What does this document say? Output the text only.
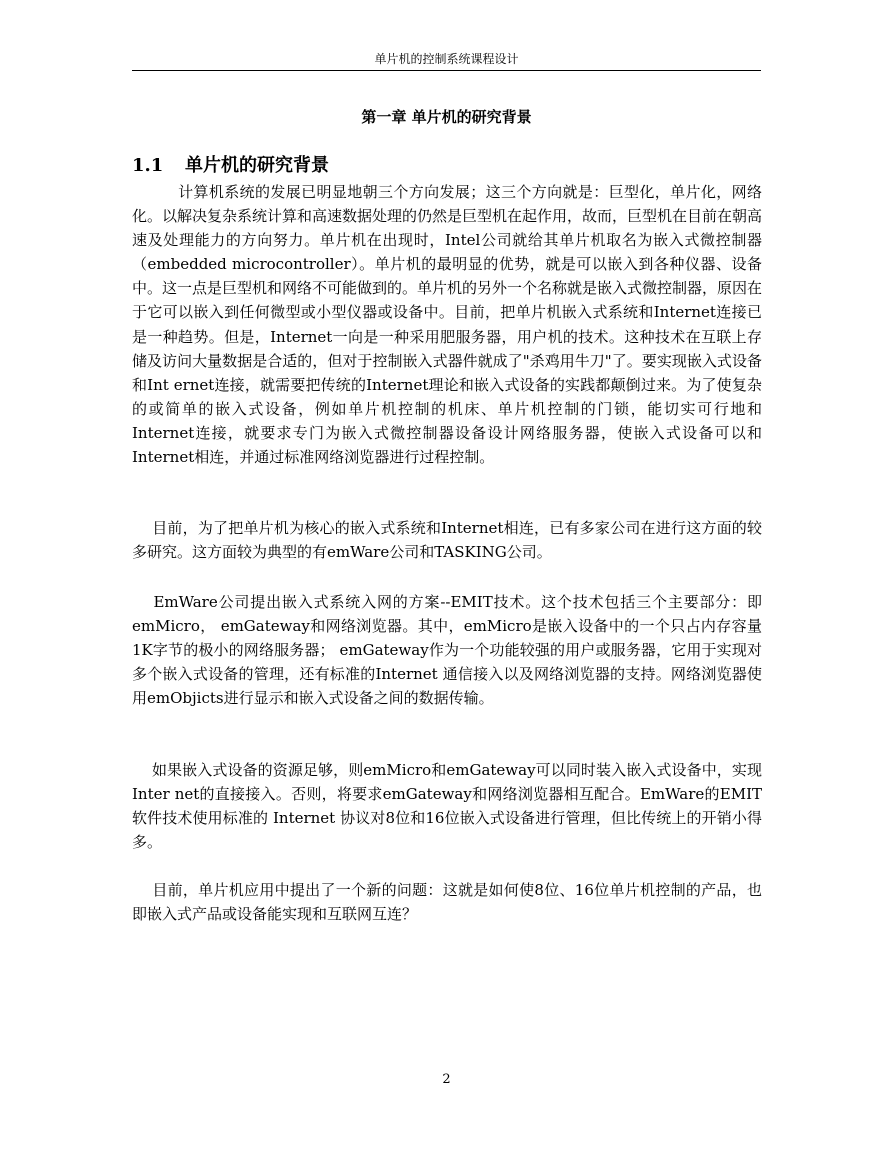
单片机的控制系统课程设计
第一章 单片机的研究背景
1.1 单片机的研究背景

　　　计算机系统的发展已明显地朝三个方向发展；这三个方向就是：巨型化，单片化，网络化。以解决复杂系统计算和高速数据处理的仍然是巨型机在起作用，故而，巨型机在目前在朝高速及处理能力的方向努力。单片机在出现时，Intel公司就给其单片机取名为嵌入式微控制器（embedded microcontroller）。单片机的最明显的优势，就是可以嵌入到各种仪器、设备中。这一点是巨型机和网络不可能做到的。单片机的另外一个名称就是嵌入式微控制器，原因在于它可以嵌入到任何微型或小型仪器或设备中。目前，把单片机嵌入式系统和Internet连接已是一种趋势。但是，Internet一向是一种采用肥服务器，用户机的技术。这种技术在互联上存储及访问大量数据是合适的，但对于控制嵌入式器件就成了"杀鸡用牛刀"了。要实现嵌入式设备和Int ernet连接，就需要把传统的Internet理论和嵌入式设备的实践都颠倒过来。为了使复杂的或简单的嵌入式设备，例如单片机控制的机床、单片机控制的门锁，能切实可行地和Internet连接，就要求专门为嵌入式微控制器设备设计网络服务器，使嵌入式设备可以和Internet相连，并通过标准网络浏览器进行过程控制。

　 目前，为了把单片机为核心的嵌入式系统和Internet相连，已有多家公司在进行这方面的较多研究。这方面较为典型的有emWare公司和TASKING公司。

　 EmWare公司提出嵌入式系统入网的方案--EMIT技术。这个技术包括三个主要部分：即emMicro， emGateway和网络浏览器。其中，emMicro是嵌入设备中的一个只占内存容量1K字节的极小的网络服务器； emGateway作为一个功能较强的用户或服务器，它用于实现对多个嵌入式设备的管理，还有标准的Internet 通信接入以及网络浏览器的支持。网络浏览器使用emObjicts进行显示和嵌入式设备之间的数据传输。

　 如果嵌入式设备的资源足够，则emMicro和emGateway可以同时装入嵌入式设备中，实现Inter net的直接接入。否则，将要求emGateway和网络浏览器相互配合。EmWare的EMIT软件技术使用标准的 Internet 协议对8位和16位嵌入式设备进行管理，但比传统上的开销小得多。

　 目前，单片机应用中提出了一个新的问题：这就是如何使8位、16位单片机控制的产品，也即嵌入式产品或设备能实现和互联网互连？

2
